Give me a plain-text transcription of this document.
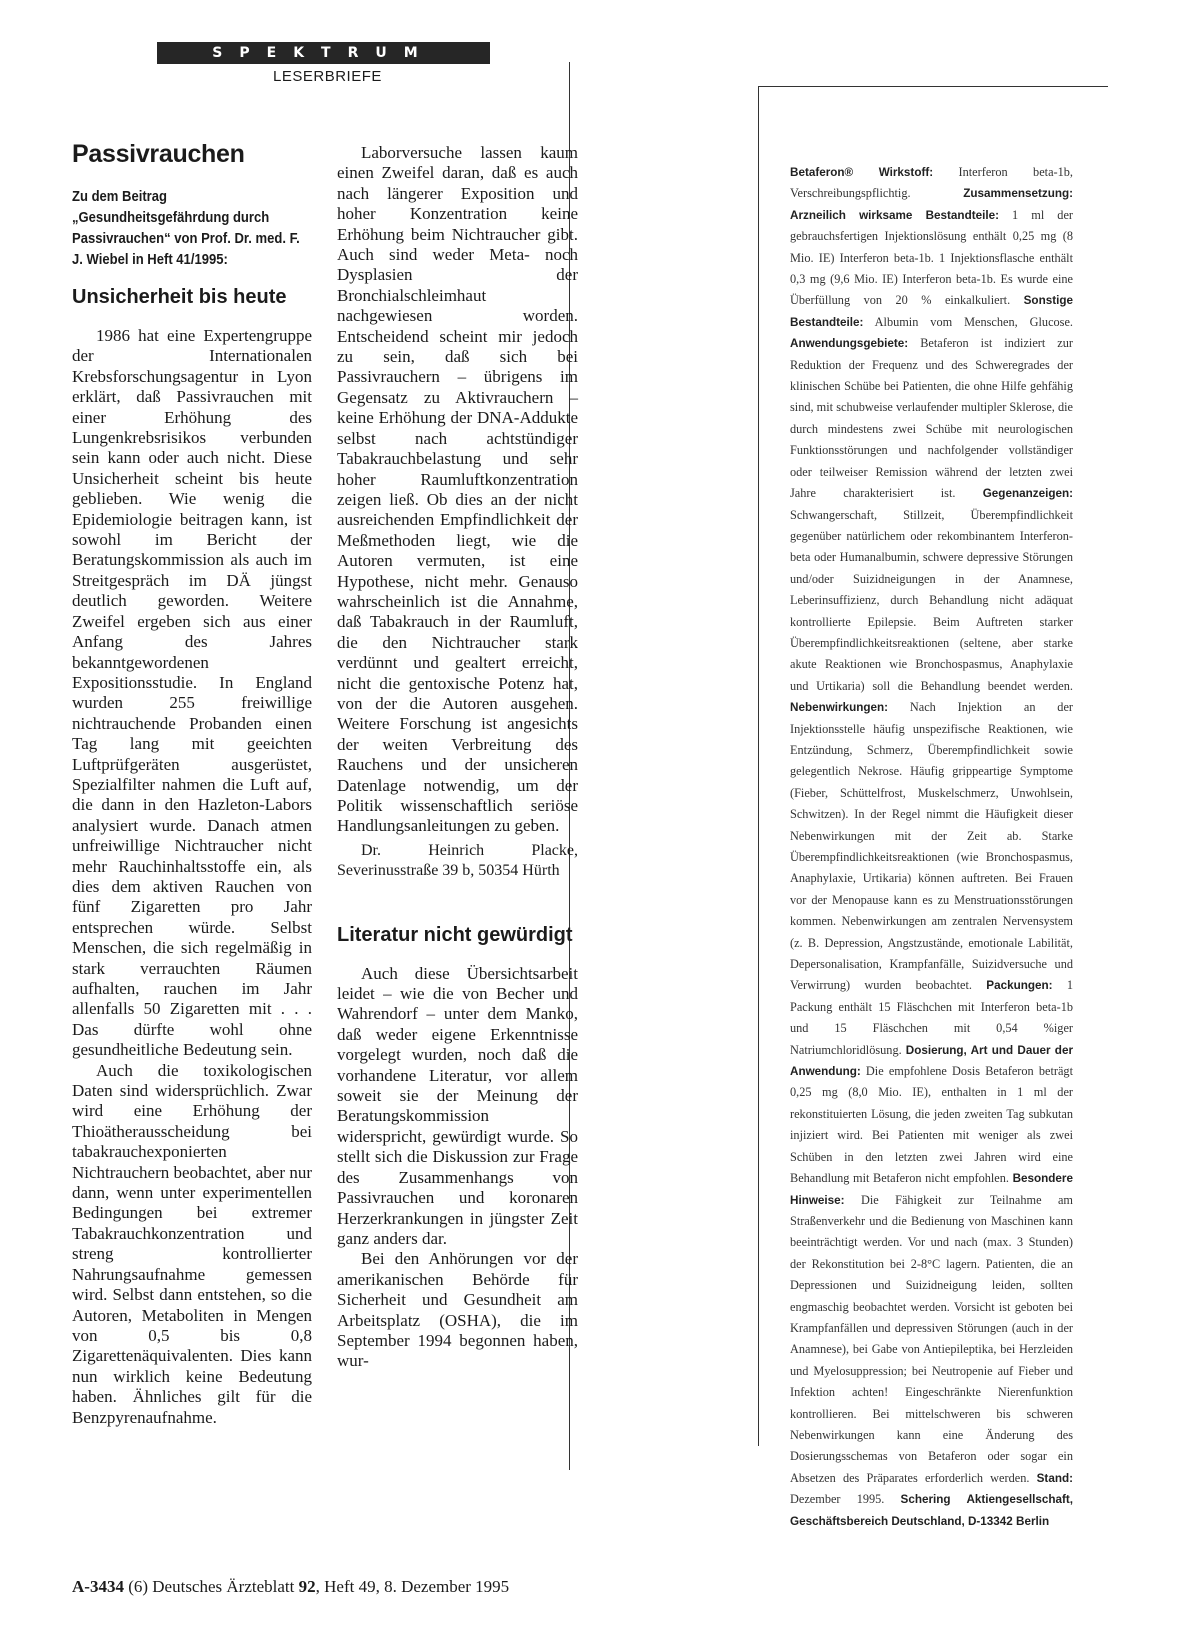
SPEKTRUM
LESERBRIEFE
Passivrauchen
Zu dem Beitrag „Gesundheitsgefährdung durch Passivrauchen“ von Prof. Dr. med. F. J. Wiebel in Heft 41/1995:
Unsicherheit bis heute

1986 hat eine Expertengruppe der Internationalen Krebsforschungsagentur in Lyon erklärt, daß Passivrauchen mit einer Erhöhung des Lungenkrebsrisikos verbunden sein kann oder auch nicht. Diese Unsicherheit scheint bis heute geblieben. Wie wenig die Epidemiologie beitragen kann, ist sowohl im Bericht der Beratungskommission als auch im Streitgespräch im DÄ jüngst deutlich geworden. Weitere Zweifel ergeben sich aus einer Anfang des Jahres bekanntgewordenen Expositionsstudie. In England wurden 255 freiwillige nichtrauchende Probanden einen Tag lang mit geeichten Luftprüfgeräten ausgerüstet, Spezialfilter nahmen die Luft auf, die dann in den Hazleton-Labors analysiert wurde. Danach atmen unfreiwillige Nichtraucher nicht mehr Rauchinhaltsstoffe ein, als dies dem aktiven Rauchen von fünf Zigaretten pro Jahr entsprechen würde. Selbst Menschen, die sich regelmäßig in stark verrauchten Räumen aufhalten, rauchen im Jahr allenfalls 50 Zigaretten mit . . . Das dürfte wohl ohne gesundheitliche Bedeutung sein.

Auch die toxikologischen Daten sind widersprüchlich. Zwar wird eine Erhöhung der Thioätherausscheidung bei tabakrauchexponierten Nichtrauchern beobachtet, aber nur dann, wenn unter experimentellen Bedingungen bei extremer Tabakrauchkonzentration und streng kontrollierter Nahrungsaufnahme gemessen wird. Selbst dann entstehen, so die Autoren, Metaboliten in Mengen von 0,5 bis 0,8 Zigarettenäquivalenten. Dies kann nun wirklich keine Bedeutung haben. Ähnliches gilt für die Benzpyrenaufnahme.

Laborversuche lassen kaum einen Zweifel daran, daß es auch nach längerer Exposition und hoher Konzentration keine Erhöhung beim Nichtraucher gibt. Auch sind weder Meta- noch Dysplasien der Bronchialschleimhaut nachgewiesen worden. Entscheidend scheint mir jedoch zu sein, daß sich bei Passivrauchern – übrigens im Gegensatz zu Aktivrauchern – keine Erhöhung der DNA-Addukte selbst nach achtstündiger Tabakrauchbelastung und sehr hoher Raumluftkonzentration zeigen ließ. Ob dies an der nicht ausreichenden Empfindlichkeit der Meßmethoden liegt, wie die Autoren vermuten, ist eine Hypothese, nicht mehr. Genauso wahrscheinlich ist die Annahme, daß Tabakrauch in der Raumluft, die den Nichtraucher stark verdünnt und gealtert erreicht, nicht die gentoxische Potenz hat, von der die Autoren ausgehen. Weitere Forschung ist angesichts der weiten Verbreitung des Rauchens und der unsicheren Datenlage notwendig, um der Politik wissenschaftlich seriöse Handlungsanleitungen zu geben.

Dr. Heinrich Placke, Severinusstraße 39 b, 50354 Hürth

Literatur nicht gewürdigt

Auch diese Übersichtsarbeit leidet – wie die von Becher und Wahrendorf – unter dem Manko, daß weder eigene Erkenntnisse vorgelegt wurden, noch daß die vorhandene Literatur, vor allem soweit sie der Meinung der Beratungskommission widerspricht, gewürdigt wurde. So stellt sich die Diskussion zur Frage des Zusammenhangs von Passivrauchen und koronaren Herzerkrankungen in jüngster Zeit ganz anders dar.

Bei den Anhörungen vor der amerikanischen Behörde für Sicherheit und Gesundheit am Arbeitsplatz (OSHA), die im September 1994 begonnen haben, wur-

Betaferon® Wirkstoff: Interferon beta-1b, Verschreibungspflichtig. Zusammensetzung: Arzneilich wirksame Bestandteile: 1 ml der gebrauchsfertigen Injektionslösung enthält 0,25 mg (8 Mio. IE) Interferon beta-1b. 1 Injektionsflasche enthält 0,3 mg (9,6 Mio. IE) Interferon beta-1b. Es wurde eine Überfüllung von 20 % einkalkuliert. Sonstige Bestandteile: Albumin vom Menschen, Glucose. Anwendungsgebiete: Betaferon ist indiziert zur Reduktion der Frequenz und des Schweregrades der klinischen Schübe bei Patienten, die ohne Hilfe gehfähig sind, mit schubweise verlaufender multipler Sklerose, die durch mindestens zwei Schübe mit neurologischen Funktionsstörungen und nachfolgender vollständiger oder teilweiser Remission während der letzten zwei Jahre charakterisiert ist. Gegenanzeigen: Schwangerschaft, Stillzeit, Überempfindlichkeit gegenüber natürlichem oder rekombinantem Interferon-beta oder Humanalbumin, schwere depressive Störungen und/oder Suizidneigungen in der Anamnese, Leberinsuffizienz, durch Behandlung nicht adäquat kontrollierte Epilepsie. Beim Auftreten starker Überempfindlichkeitsreaktionen (seltene, aber starke akute Reaktionen wie Bronchospasmus, Anaphylaxie und Urtikaria) soll die Behandlung beendet werden. Nebenwirkungen: Nach Injektion an der Injektionsstelle häufig unspezifische Reaktionen, wie Entzündung, Schmerz, Überempfindlichkeit sowie gelegentlich Nekrose. Häufig grippeartige Symptome (Fieber, Schüttelfrost, Muskelschmerz, Unwohlsein, Schwitzen). In der Regel nimmt die Häufigkeit dieser Nebenwirkungen mit der Zeit ab. Starke Überempfindlichkeitsreaktionen (wie Bronchospasmus, Anaphylaxie, Urtikaria) können auftreten. Bei Frauen vor der Menopause kann es zu Menstruationsstörungen kommen. Nebenwirkungen am zentralen Nervensystem (z. B. Depression, Angstzustände, emotionale Labilität, Depersonalisation, Krampfanfälle, Suizidversuche und Verwirrung) wurden beobachtet. Packungen: 1 Packung enthält 15 Fläschchen mit Interferon beta-1b und 15 Fläschchen mit 0,54 %iger Natriumchloridlösung. Dosierung, Art und Dauer der Anwendung: Die empfohlene Dosis Betaferon beträgt 0,25 mg (8,0 Mio. IE), enthalten in 1 ml der rekonstituierten Lösung, die jeden zweiten Tag subkutan injiziert wird. Bei Patienten mit weniger als zwei Schüben in den letzten zwei Jahren wird eine Behandlung mit Betaferon nicht empfohlen. Besondere Hinweise: Die Fähigkeit zur Teilnahme am Straßenverkehr und die Bedienung von Maschinen kann beeinträchtigt werden. Vor und nach (max. 3 Stunden) der Rekonstitution bei 2-8°C lagern. Patienten, die an Depressionen und Suizidneigung leiden, sollten engmaschig beobachtet werden. Vorsicht ist geboten bei Krampfanfällen und depressiven Störungen (auch in der Anamnese), bei Gabe von Antiepileptika, bei Herzleiden und Myelosuppression; bei Neutropenie auf Fieber und Infektion achten! Eingeschränkte Nierenfunktion kontrollieren. Bei mittelschweren bis schweren Nebenwirkungen kann eine Änderung des Dosierungsschemas von Betaferon oder sogar ein Absetzen des Präparates erforderlich werden. Stand: Dezember 1995. Schering Aktiengesellschaft, Geschäftsbereich Deutschland, D-13342 Berlin
A-3434 (6) Deutsches Ärzteblatt 92, Heft 49, 8. Dezember 1995
